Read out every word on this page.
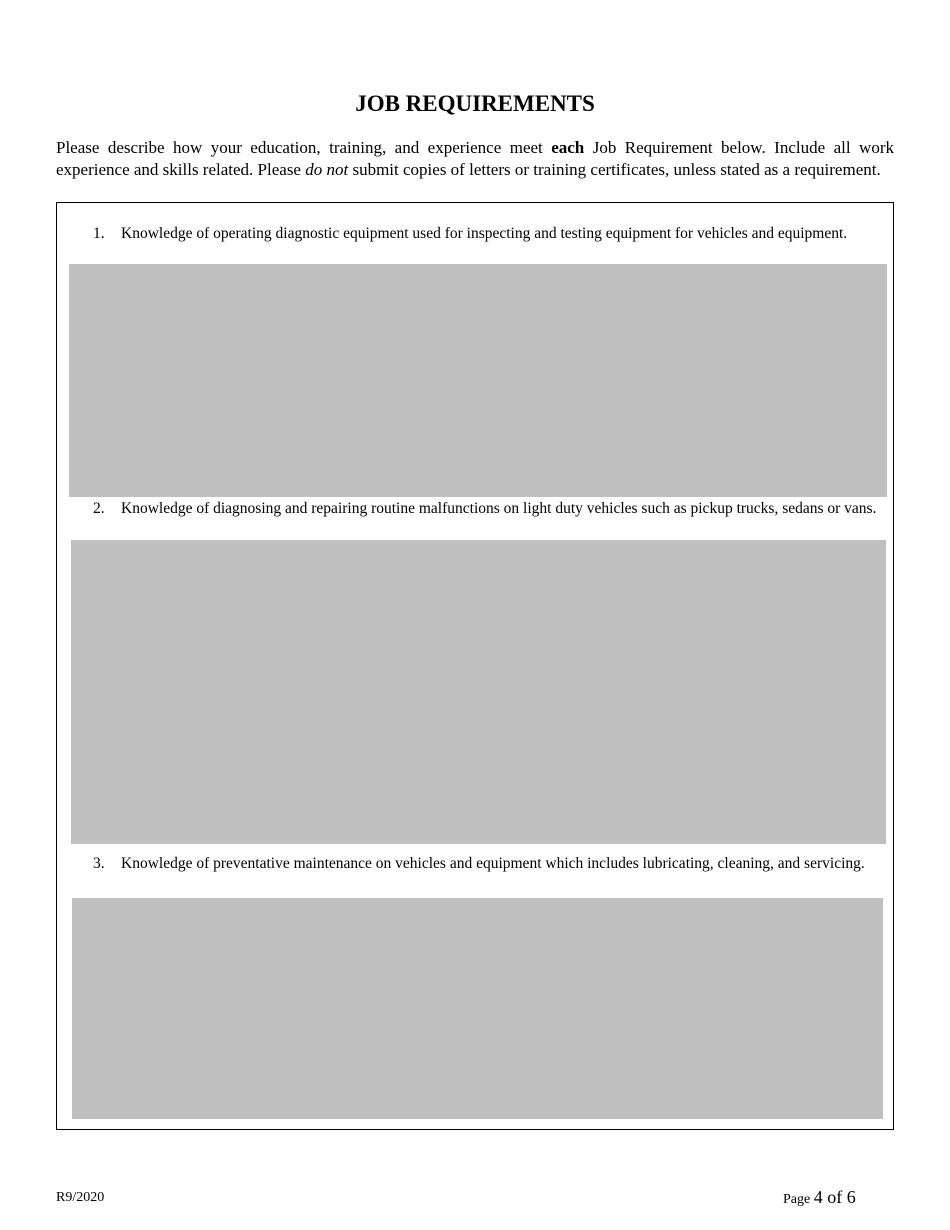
JOB REQUIREMENTS
Please describe how your education, training, and experience meet each Job Requirement below. Include all work experience and skills related. Please do not submit copies of letters or training certificates, unless stated as a requirement.
1.	Knowledge of operating diagnostic equipment used for inspecting and testing equipment for vehicles and equipment.
2.	Knowledge of diagnosing and repairing routine malfunctions on light duty vehicles such as pickup trucks, sedans or vans.
3.	Knowledge of preventative maintenance on vehicles and equipment which includes lubricating, cleaning, and servicing.
R9/2020	Page 4 of 6
